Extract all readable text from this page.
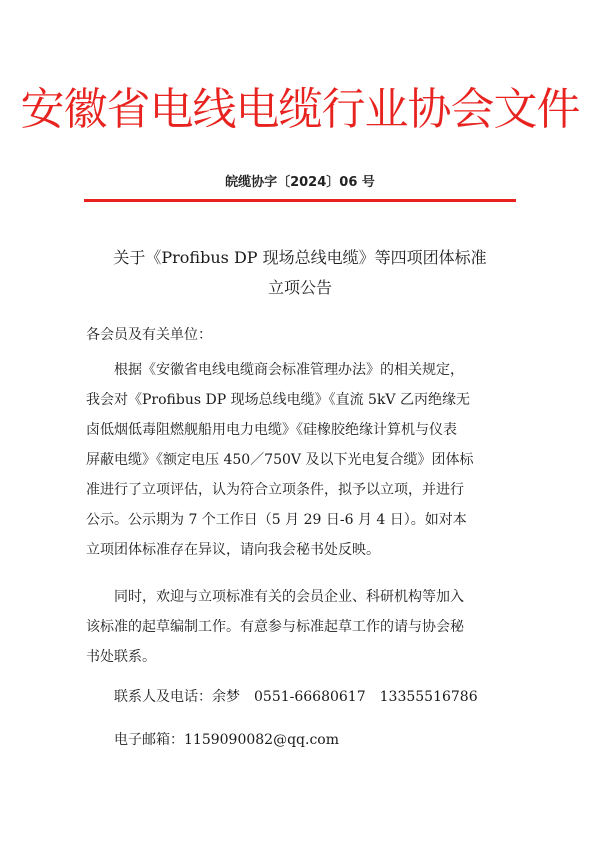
安徽省电线电缆行业协会文件
皖缆协字〔2024〕06 号
关于《Profibus DP 现场总线电缆》等四项团体标准
立项公告
各会员及有关单位：
根据《安徽省电线电缆商会标准管理办法》的相关规定，
我会对《Profibus DP 现场总线电缆》《直流 5kV 乙丙绝缘无
卤低烟低毒阻燃舰船用电力电缆》《硅橡胶绝缘计算机与仪表
屏蔽电缆》《额定电压 450／750V 及以下光电复合缆》团体标
准进行了立项评估，认为符合立项条件，拟予以立项，并进行
公示。公示期为 7 个工作日（5 月 29 日-6 月 4 日）。如对本
立项团体标准存在异议，请向我会秘书处反映。
同时，欢迎与立项标准有关的会员企业、科研机构等加入
该标准的起草编制工作。有意参与标准起草工作的请与协会秘
书处联系。
联系人及电话：余梦 0551-66680617 13355516786
电子邮箱：1159090082@qq.com
